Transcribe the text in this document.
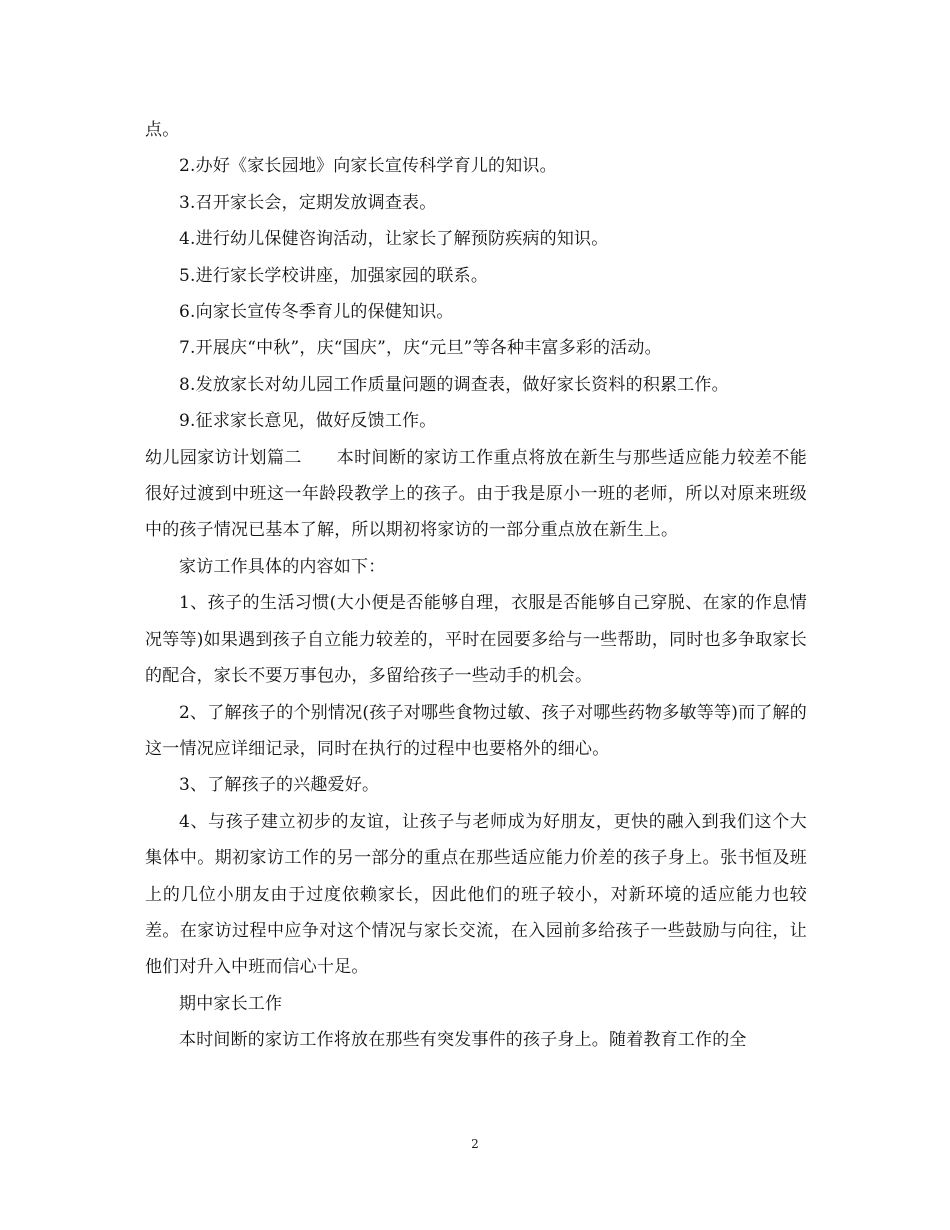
点。

2.办好《家长园地》向家长宣传科学育儿的知识。

3.召开家长会，定期发放调查表。

4.进行幼儿保健咨询活动，让家长了解预防疾病的知识。

5.进行家长学校讲座，加强家园的联系。

6.向家长宣传冬季育儿的保健知识。

7.开展庆“中秋”，庆“国庆”，庆“元旦”等各种丰富多彩的活动。

8.发放家长对幼儿园工作质量问题的调查表，做好家长资料的积累工作。

9.征求家长意见，做好反馈工作。

幼儿园家访计划篇二　　本时间断的家访工作重点将放在新生与那些适应能力较差不能很好过渡到中班这一年龄段教学上的孩子。由于我是原小一班的老师，所以对原来班级中的孩子情况已基本了解，所以期初将家访的一部分重点放在新生上。

家访工作具体的内容如下：

1、孩子的生活习惯(大小便是否能够自理，衣服是否能够自己穿脱、在家的作息情况等等)如果遇到孩子自立能力较差的，平时在园要多给与一些帮助，同时也多争取家长的配合，家长不要万事包办，多留给孩子一些动手的机会。

2、了解孩子的个别情况(孩子对哪些食物过敏、孩子对哪些药物多敏等等)而了解的这一情况应详细记录，同时在执行的过程中也要格外的细心。

3、了解孩子的兴趣爱好。

4、与孩子建立初步的友谊，让孩子与老师成为好朋友，更快的融入到我们这个大集体中。期初家访工作的另一部分的重点在那些适应能力价差的孩子身上。张书恒及班上的几位小朋友由于过度依赖家长，因此他们的班子较小，对新环境的适应能力也较差。在家访过程中应争对这个情况与家长交流，在入园前多给孩子一些鼓励与向往，让他们对升入中班而信心十足。

期中家长工作

本时间断的家访工作将放在那些有突发事件的孩子身上。随着教育工作的全

2
